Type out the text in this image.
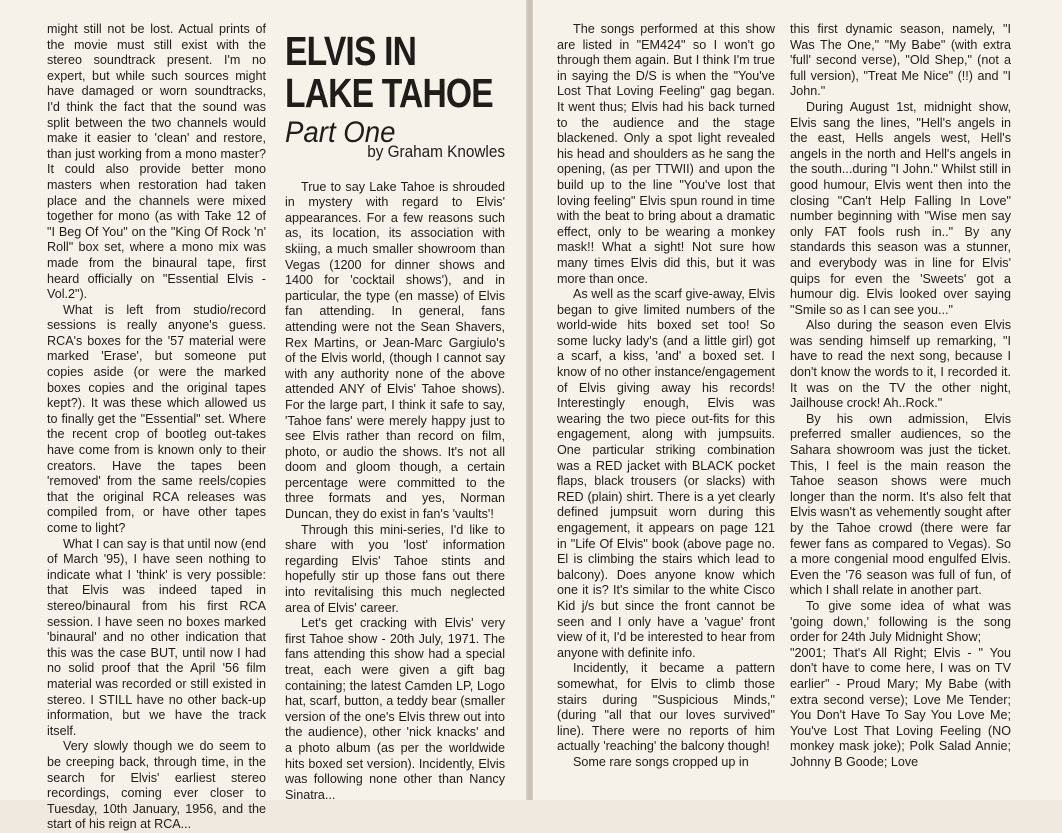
might still not be lost. Actual prints of the movie must still exist with the stereo soundtrack present. I'm no expert, but while such sources might have damaged or worn soundtracks, I'd think the fact that the sound was split between the two channels would make it easier to 'clean' and restore, than just working from a mono master? It could also provide better mono masters when restoration had taken place and the channels were mixed together for mono (as with Take 12 of "I Beg Of You" on the "King Of Rock 'n' Roll" box set, where a mono mix was made from the binaural tape, first heard officially on "Essential Elvis - Vol.2").

What is left from studio/record sessions is really anyone's guess. RCA's boxes for the '57 material were marked 'Erase', but someone put copies aside (or were the marked boxes copies and the original tapes kept?). It was these which allowed us to finally get the "Essential" set. Where the recent crop of bootleg out-takes have come from is known only to their creators. Have the tapes been 'removed' from the same reels/copies that the original RCA releases was compiled from, or have other tapes come to light?

What I can say is that until now (end of March '95), I have seen nothing to indicate what I 'think' is very possible: that Elvis was indeed taped in stereo/binaural from his first RCA session. I have seen no boxes marked 'binaural' and no other indication that this was the case BUT, until now I had no solid proof that the April '56 film material was recorded or still existed in stereo. I STILL have no other back-up information, but we have the track itself.

Very slowly though we do seem to be creeping back, through time, in the search for Elvis' earliest stereo recordings, coming ever closer to Tuesday, 10th January, 1956, and the start of his reign at RCA...

ELVIS IN
LAKE TAHOE
Part One
by Graham Knowles

True to say Lake Tahoe is shrouded in mystery with regard to Elvis' appearances. For a few reasons such as, its location, its association with skiing, a much smaller showroom than Vegas (1200 for dinner shows and 1400 for 'cocktail shows'), and in particular, the type (en masse) of Elvis fan attending. In general, fans attending were not the Sean Shavers, Rex Martins, or Jean-Marc Gargiulo's of the Elvis world, (though I cannot say with any authority none of the above attended ANY of Elvis' Tahoe shows). For the large part, I think it safe to say, 'Tahoe fans' were merely happy just to see Elvis rather than record on film, photo, or audio the shows. It's not all doom and gloom though, a certain percentage were committed to the three formats and yes, Norman Duncan, they do exist in fan's 'vaults'!

Through this mini-series, I'd like to share with you 'lost' information regarding Elvis' Tahoe stints and hopefully stir up those fans out there into revitalising this much neglected area of Elvis' career.

Let's get cracking with Elvis' very first Tahoe show - 20th July, 1971. The fans attending this show had a special treat, each were given a gift bag containing; the latest Camden LP, Logo hat, scarf, button, a teddy bear (smaller version of the one's Elvis threw out into the audience), other 'nick knacks' and a photo album (as per the worldwide hits boxed set version). Incidently, Elvis was following none other than Nancy Sinatra...

The songs performed at this show are listed in "EM424" so I won't go through them again. But I think I'm true in saying the D/S is when the "You've Lost That Loving Feeling" gag began. It went thus; Elvis had his back turned to the audience and the stage blackened. Only a spot light revealed his head and shoulders as he sang the opening, (as per TTWII) and upon the build up to the line "You've lost that loving feeling" Elvis spun round in time with the beat to bring about a dramatic effect, only to be wearing a monkey mask!! What a sight! Not sure how many times Elvis did this, but it was more than once.

As well as the scarf give-away, Elvis began to give limited numbers of the world-wide hits boxed set too! So some lucky lady's (and a little girl) got a scarf, a kiss, 'and' a boxed set. I know of no other instance/engagement of Elvis giving away his records! Interestingly enough, Elvis was wearing the two piece out-fits for this engagement, along with jumpsuits. One particular striking combination was a RED jacket with BLACK pocket flaps, black trousers (or slacks) with RED (plain) shirt. There is a yet clearly defined jumpsuit worn during this engagement, it appears on page 121 in "Life Of Elvis" book (above page no. El is climbing the stairs which lead to balcony). Does anyone know which one it is? It's similar to the white Cisco Kid j/s but since the front cannot be seen and I only have a 'vague' front view of it, I'd be interested to hear from anyone with definite info.

Incidently, it became a pattern somewhat, for Elvis to climb those stairs during "Suspicious Minds," (during "all that our loves survived" line). There were no reports of him actually 'reaching' the balcony though!

Some rare songs cropped up in

this first dynamic season, namely, "I Was The One," "My Babe" (with extra 'full' second verse), "Old Shep," (not a full version), "Treat Me Nice" (!!) and "I John."

During August 1st, midnight show, Elvis sang the lines, "Hell's angels in the east, Hells angels west, Hell's angels in the north and Hell's angels in the south...during "I John." Whilst still in good humour, Elvis went then into the closing "Can't Help Falling In Love" number beginning with "Wise men say only FAT fools rush in.." By any standards this season was a stunner, and everybody was in line for Elvis' quips for even the 'Sweets' got a humour dig. Elvis looked over saying "Smile so as I can see you..."

Also during the season even Elvis was sending himself up remarking, "I have to read the next song, because I don't know the words to it, I recorded it. It was on the TV the other night, Jailhouse crock! Ah..Rock."

By his own admission, Elvis preferred smaller audiences, so the Sahara showroom was just the ticket. This, I feel is the main reason the Tahoe season shows were much longer than the norm. It's also felt that Elvis wasn't as vehemently sought after by the Tahoe crowd (there were far fewer fans as compared to Vegas). So a more congenial mood engulfed Elvis. Even the '76 season was full of fun, of which I shall relate in another part.

To give some idea of what was 'going down,' following is the song order for 24th July Midnight Show;

"2001; That's All Right; Elvis - " You don't have to come here, I was on TV earlier" - Proud Mary; My Babe (with extra second verse); Love Me Tender; You Don't Have To Say You Love Me; You've Lost That Loving Feeling (NO monkey mask joke); Polk Salad Annie; Johnny B Goode; Love
